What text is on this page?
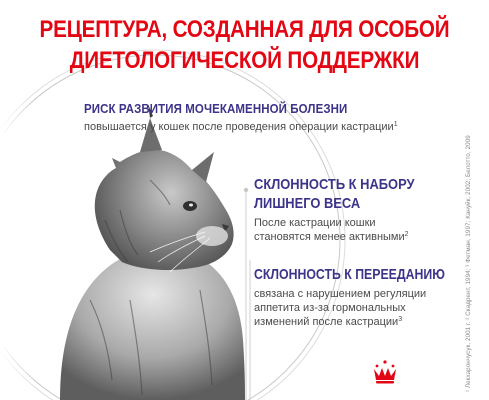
РЕЦЕПТУРА, СОЗДАННАЯ ДЛЯ ОСОБОЙ
ДИЕТОЛОГИЧЕСКОЙ ПОДДЕРЖКИ
РИСК РАЗВИТИЯ МОЧЕКАМЕННОЙ БОЛЕЗНИ
повышается у кошек после проведения операции кастрации$^1$
СКЛОННОСТЬ К НАБОРУ
ЛИШНЕГО ВЕСА
После кастрации кошки
становятся менее активными$^2$
СКЛОННОСТЬ К ПЕРЕЕДАНИЮ
связана с нарушением регуляции
аппетита из-за гормональных
изменений после кастрации$^3$	¹ Лекхарончусук, 2001 г. ² Скадрент, 1994; ³ Фетман, 1997; Кануйк, 2002; Белотто, 2009
